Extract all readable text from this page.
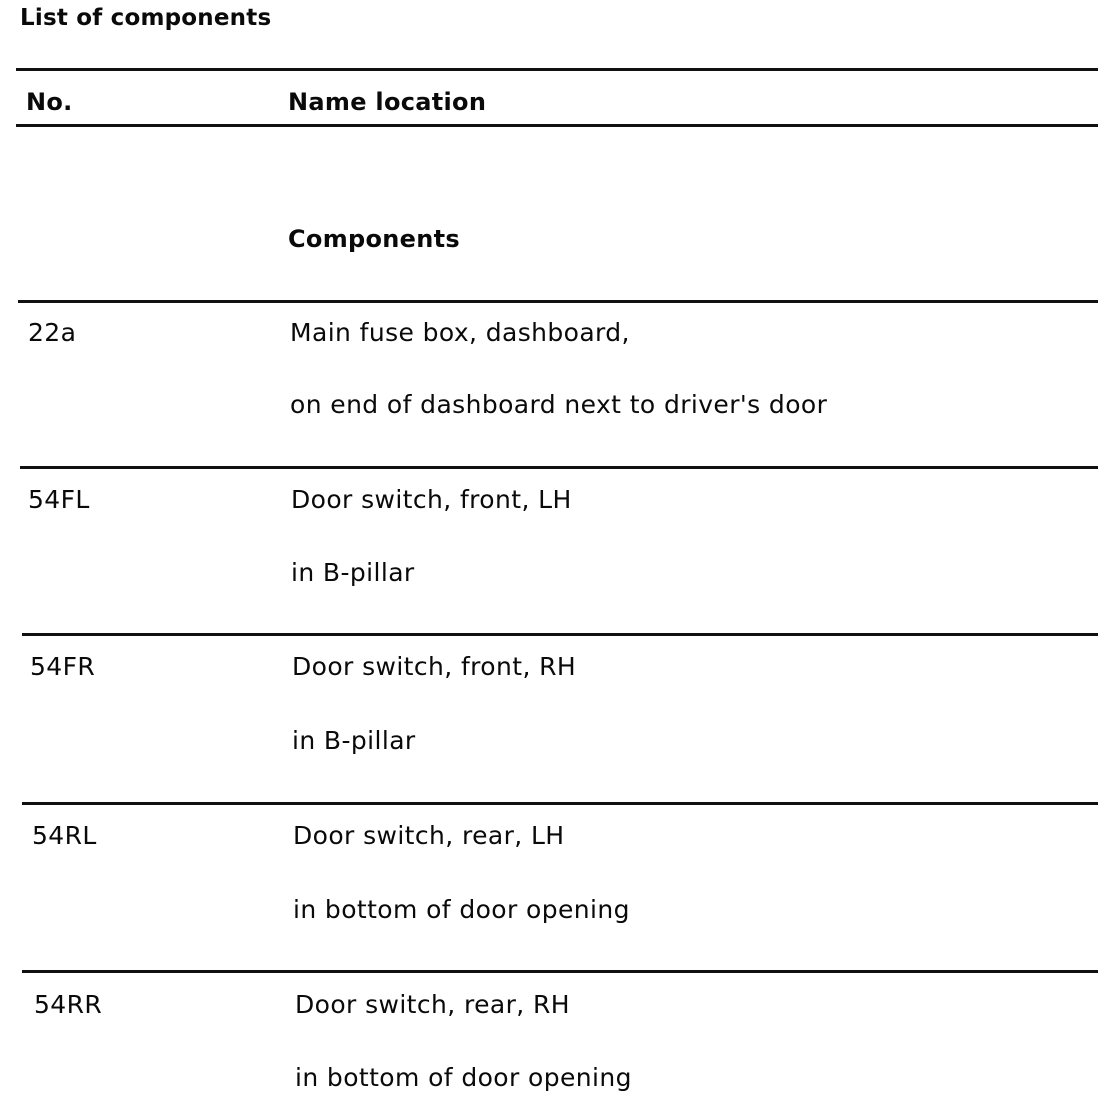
List of components
No.	Name location
Components
22a	Main fuse box, dashboard,
on end of dashboard next to driver's door
54FL	Door switch, front, LH
in B-pillar
54FR	Door switch, front, RH
in B-pillar
54RL	Door switch, rear, LH
in bottom of door opening
54RR	Door switch, rear, RH
in bottom of door opening
